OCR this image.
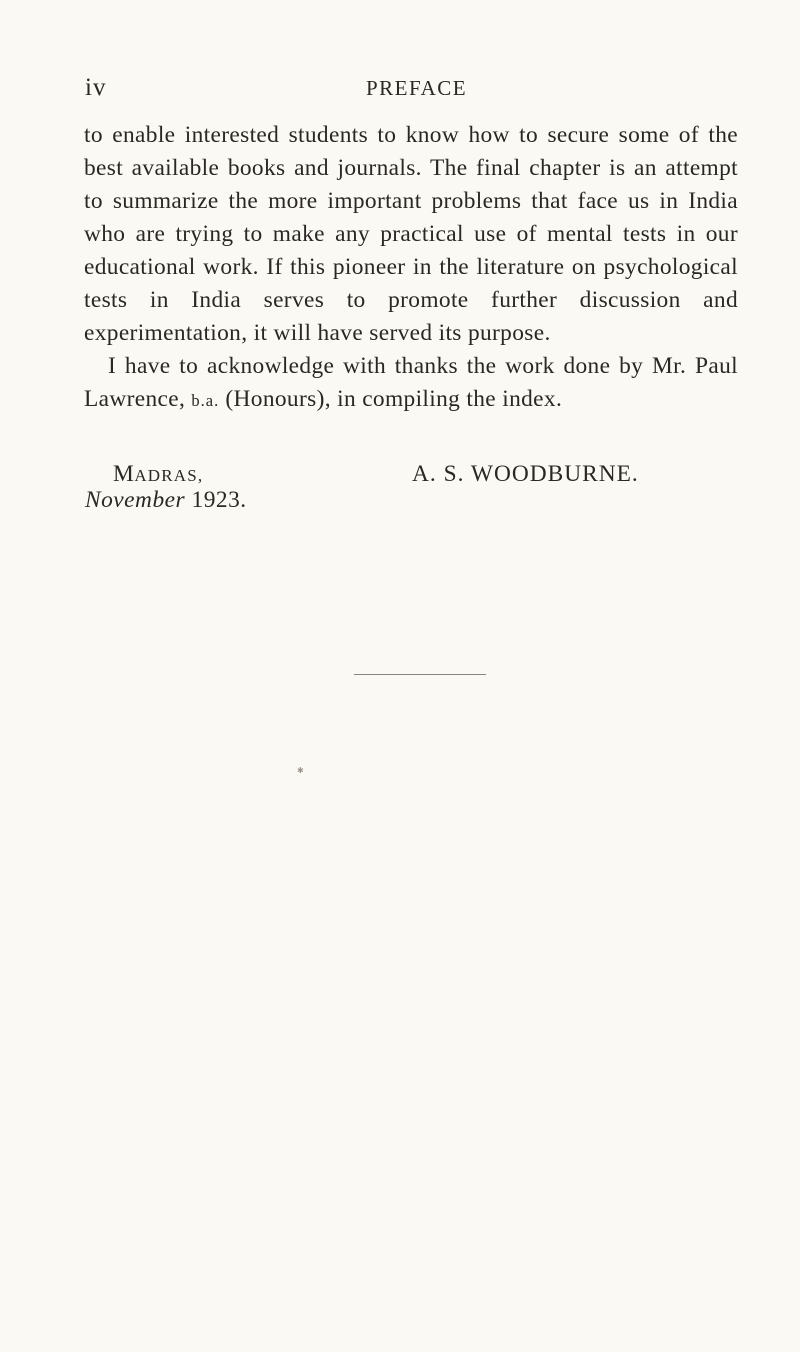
iv	PREFACE

to enable interested students to know how to secure some of the best available books and journals. The final chapter is an attempt to summarize the more important problems that face us in India who are trying to make any practical use of mental tests in our educational work. If this pioneer in the literature on psychological tests in India serves to promote further discussion and experimentation, it will have served its purpose.

I have to acknowledge with thanks the work done by Mr. Paul Lawrence, b.a. (Honours), in compiling the index.

MADRAS,
November 1923.
A. S. WOODBURNE.
✱
